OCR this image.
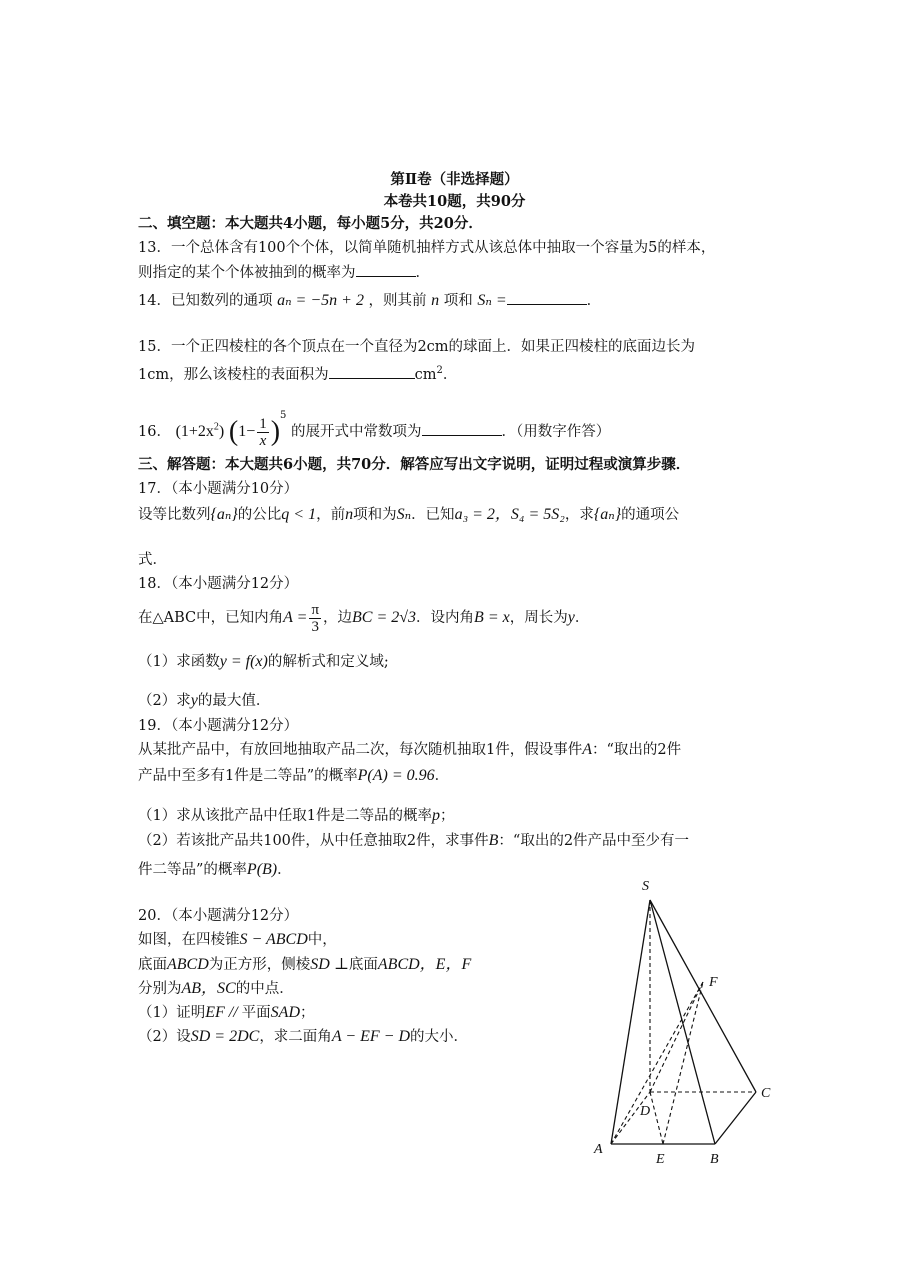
第Ⅱ卷（非选择题）
本卷共10题，共90分
二、填空题：本大题共4小题，每小题5分，共20分．
13．一个总体含有100个个体，以简单随机抽样方式从该总体中抽取一个容量为5的样本，
则指定的某个个体被抽到的概率为	．
14．已知数列的通项 aₙ = −5n + 2 ，则其前 n 项和 Sₙ =	．
15．一个正四棱柱的各个顶点在一个直径为2cm的球面上．如果正四棱柱的底面边长为
1cm，那么该棱柱的表面积为	$cm^2$．
16． $(1+2x^2)$ $(1- \frac{1}{x} )^5$ 的展开式中常数项为	．（用数字作答）
三、解答题：本大题共6小题，共70分．解答应写出文字说明，证明过程或演算步骤．
17．（本小题满分10分）
设等比数列{aₙ}的公比q < 1，前n项和为Sₙ．已知a₃ = 2，S₄ = 5S₂，求{aₙ}的通项公
式．
18．（本小题满分12分）
在△ABC中，已知内角$A = \frac{\pi}{3}$ ，边BC = 2√3．设内角B = x，周长为y．
（1）求函数y = f(x)的解析式和定义域;
（2）求y的最大值．
19．（本小题满分12分）
从某批产品中，有放回地抽取产品二次，每次随机抽取1件，假设事件A：“取出的2件
产品中至多有1件是二等品”的概率P(A) = 0.96．
（1）求从该批产品中任取1件是二等品的概率p；
（2）若该批产品共100件，从中任意抽取2件，求事件B：“取出的2件产品中至少有一
件二等品”的概率P(B)．
20．（本小题满分12分）
如图，在四棱锥S − ABCD中，
底面ABCD为正方形，侧棱SD ⊥底面ABCD，E，F
分别为AB，SC的中点．
（1）证明EF // 平面SAD；
（2）设SD = 2DC，求二面角A − EF − D的大小．
S
F
C
D
A
E	B
